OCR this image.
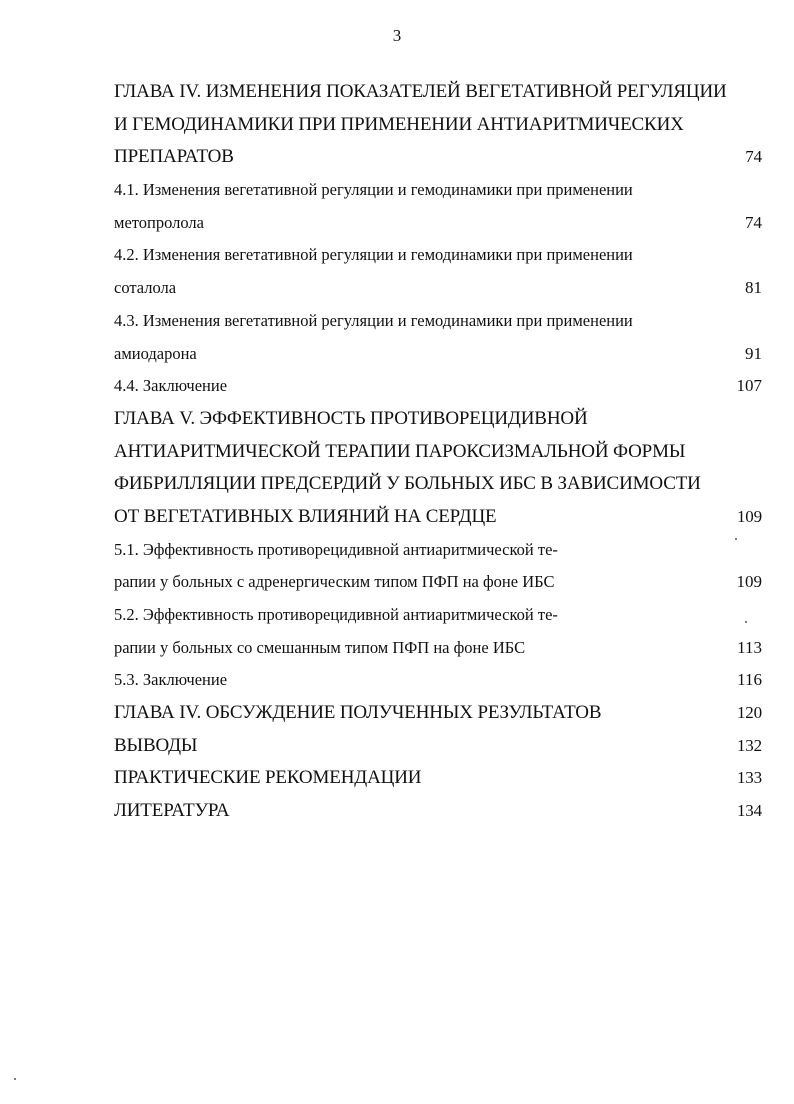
3
ГЛАВА IV. ИЗМЕНЕНИЯ ПОКАЗАТЕЛЕЙ ВЕГЕТАТИВНОЙ РЕГУЛЯЦИИ
И ГЕМОДИНАМИКИ ПРИ ПРИМЕНЕНИИ АНТИАРИТМИЧЕСКИХ
ПРЕПАРАТОВ	74
4.1. Изменения вегетативной регуляции и гемодинамики при применении
метопролола	74
4.2. Изменения вегетативной регуляции и гемодинамики при применении
соталола	81
4.3. Изменения вегетативной регуляции и гемодинамики при применении
амиодарона	91
4.4. Заключение	107
ГЛАВА V. ЭФФЕКТИВНОСТЬ ПРОТИВОРЕЦИДИВНОЙ
АНТИАРИТМИЧЕСКОЙ ТЕРАПИИ ПАРОКСИЗМАЛЬНОЙ ФОРМЫ
ФИБРИЛЛЯЦИИ ПРЕДСЕРДИЙ У БОЛЬНЫХ ИБС В ЗАВИСИМОСТИ
ОТ ВЕГЕТАТИВНЫХ ВЛИЯНИЙ НА СЕРДЦЕ	109
5.1. Эффективность противорецидивной антиаритмической те-
рапии у больных с адренергическим типом ПФП на фоне ИБС	109
5.2. Эффективность противорецидивной антиаритмической те-
рапии у больных со смешанным типом ПФП на фоне ИБС	113
5.3. Заключение	116
ГЛАВА IV. ОБСУЖДЕНИЕ ПОЛУЧЕННЫХ РЕЗУЛЬТАТОВ	120
ВЫВОДЫ	132
ПРАКТИЧЕСКИЕ РЕКОМЕНДАЦИИ	133
ЛИТЕРАТУРА	134
